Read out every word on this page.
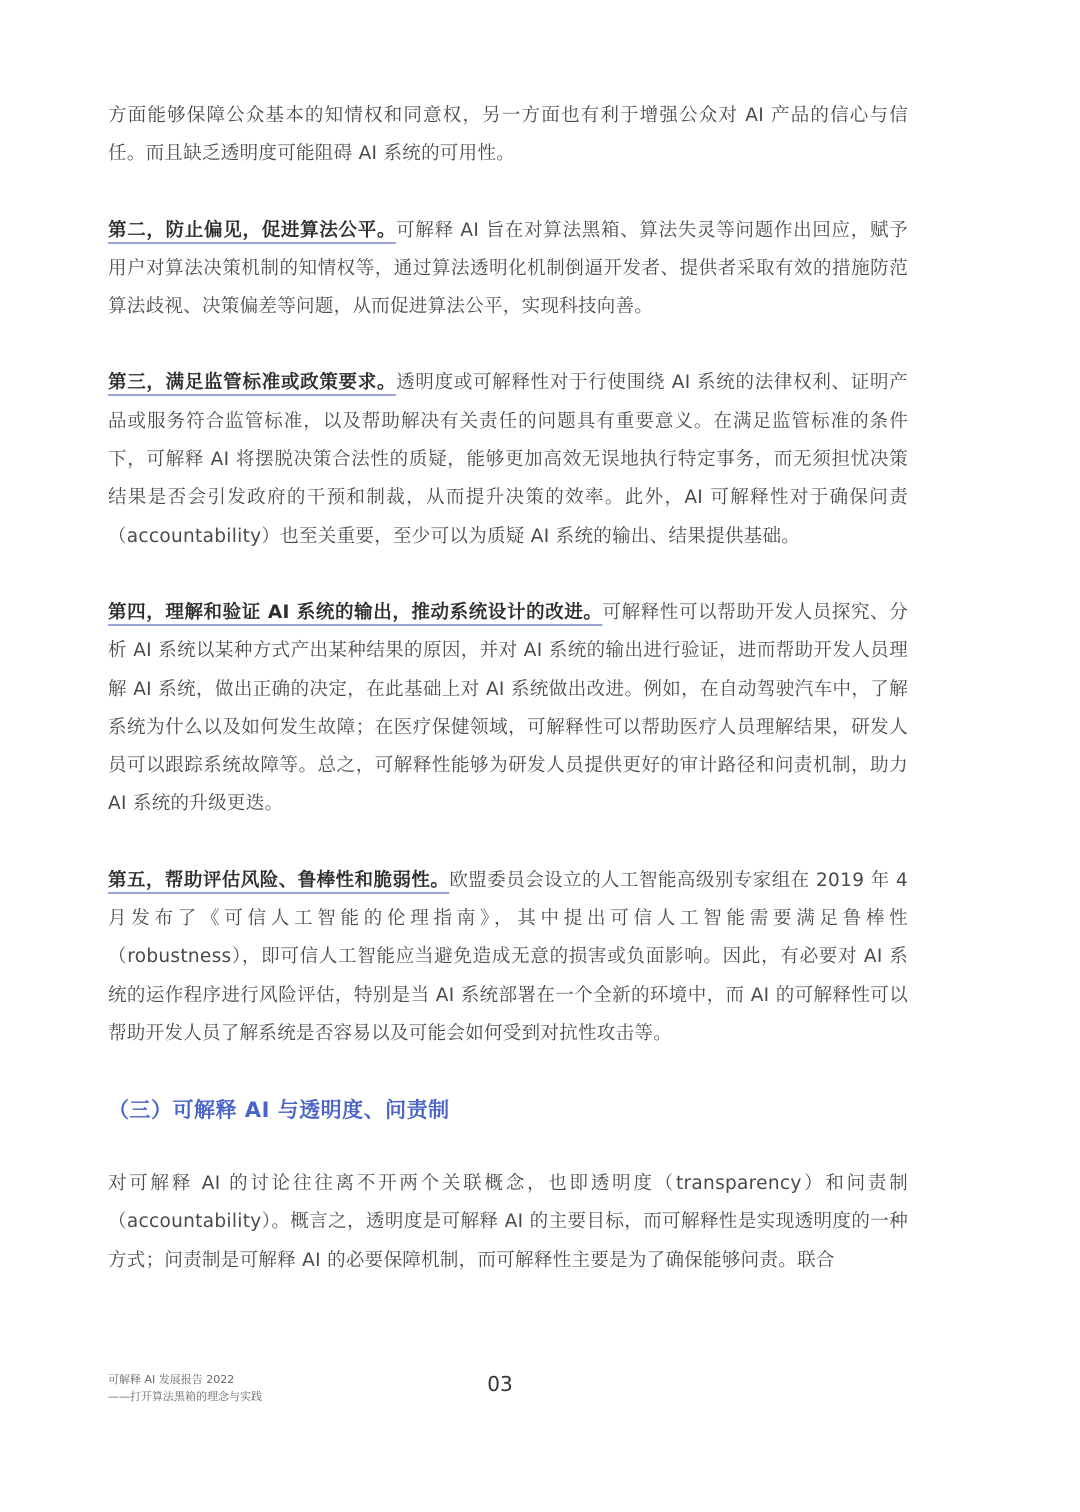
方面能够保障公众基本的知情权和同意权，另一方面也有利于增强公众对 AI 产品的信心与信任。而且缺乏透明度可能阻碍 AI 系统的可用性。

第二，防止偏见，促进算法公平。可解释 AI 旨在对算法黑箱、算法失灵等问题作出回应，赋予用户对算法决策机制的知情权等，通过算法透明化机制倒逼开发者、提供者采取有效的措施防范算法歧视、决策偏差等问题，从而促进算法公平，实现科技向善。

第三，满足监管标准或政策要求。透明度或可解释性对于行使围绕 AI 系统的法律权利、证明产品或服务符合监管标准，以及帮助解决有关责任的问题具有重要意义。在满足监管标准的条件下，可解释 AI 将摆脱决策合法性的质疑，能够更加高效无误地执行特定事务，而无须担忧决策结果是否会引发政府的干预和制裁，从而提升决策的效率。此外，AI 可解释性对于确保问责（accountability）也至关重要，至少可以为质疑 AI 系统的输出、结果提供基础。

第四，理解和验证 AI 系统的输出，推动系统设计的改进。可解释性可以帮助开发人员探究、分析 AI 系统以某种方式产出某种结果的原因，并对 AI 系统的输出进行验证，进而帮助开发人员理解 AI 系统，做出正确的决定，在此基础上对 AI 系统做出改进。例如，在自动驾驶汽车中，了解系统为什么以及如何发生故障；在医疗保健领域，可解释性可以帮助医疗人员理解结果，研发人员可以跟踪系统故障等。总之，可解释性能够为研发人员提供更好的审计路径和问责机制，助力 AI 系统的升级更迭。

第五，帮助评估风险、鲁棒性和脆弱性。欧盟委员会设立的人工智能高级别专家组在 2019 年 4 月发布了《可信人工智能的伦理指南》，其中提出可信人工智能需要满足鲁棒性（robustness），即可信人工智能应当避免造成无意的损害或负面影响。因此，有必要对 AI 系统的运作程序进行风险评估，特别是当 AI 系统部署在一个全新的环境中，而 AI 的可解释性可以帮助开发人员了解系统是否容易以及可能会如何受到对抗性攻击等。

（三）可解释 AI 与透明度、问责制

对可解释 AI 的讨论往往离不开两个关联概念，也即透明度（transparency）和问责制（accountability）。概言之，透明度是可解释 AI 的主要目标，而可解释性是实现透明度的一种方式；问责制是可解释 AI 的必要保障机制，而可解释性主要是为了确保能够问责。联合

可解释 AI 发展报告 2022
——打开算法黑箱的理念与实践
03
